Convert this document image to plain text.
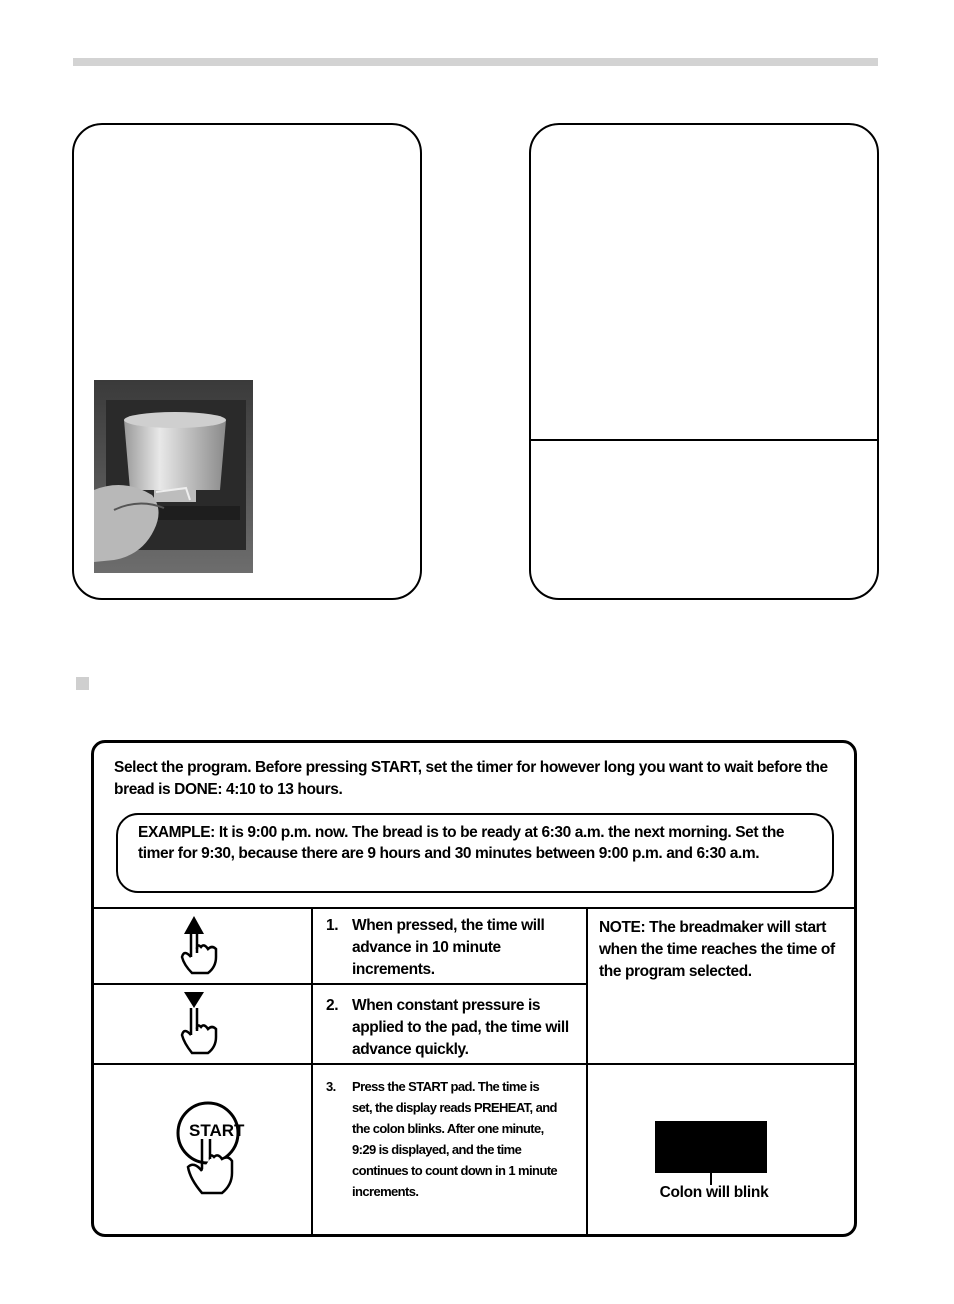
Select the program. Before pressing START, set the timer for however long you want to wait before the bread is DONE: 4:10 to 13 hours.
EXAMPLE: It is 9:00 p.m. now. The bread is to be ready at 6:30 a.m. the next morning. Set the timer for 9:30, because there are 9 hours and 30 minutes between 9:00 p.m. and 6:30 a.m.
START
1. When pressed, the time will advance in 10 minute increments.
2. When constant pressure is applied to the pad, the time will advance quickly.
3. Press the START pad. The time is set, the display reads PREHEAT, and the colon blinks. After one minute, 9:29 is displayed, and the time continues to count down in 1 minute increments.
NOTE: The breadmaker will start when the time reaches the time of the program selected.
Colon will blink
